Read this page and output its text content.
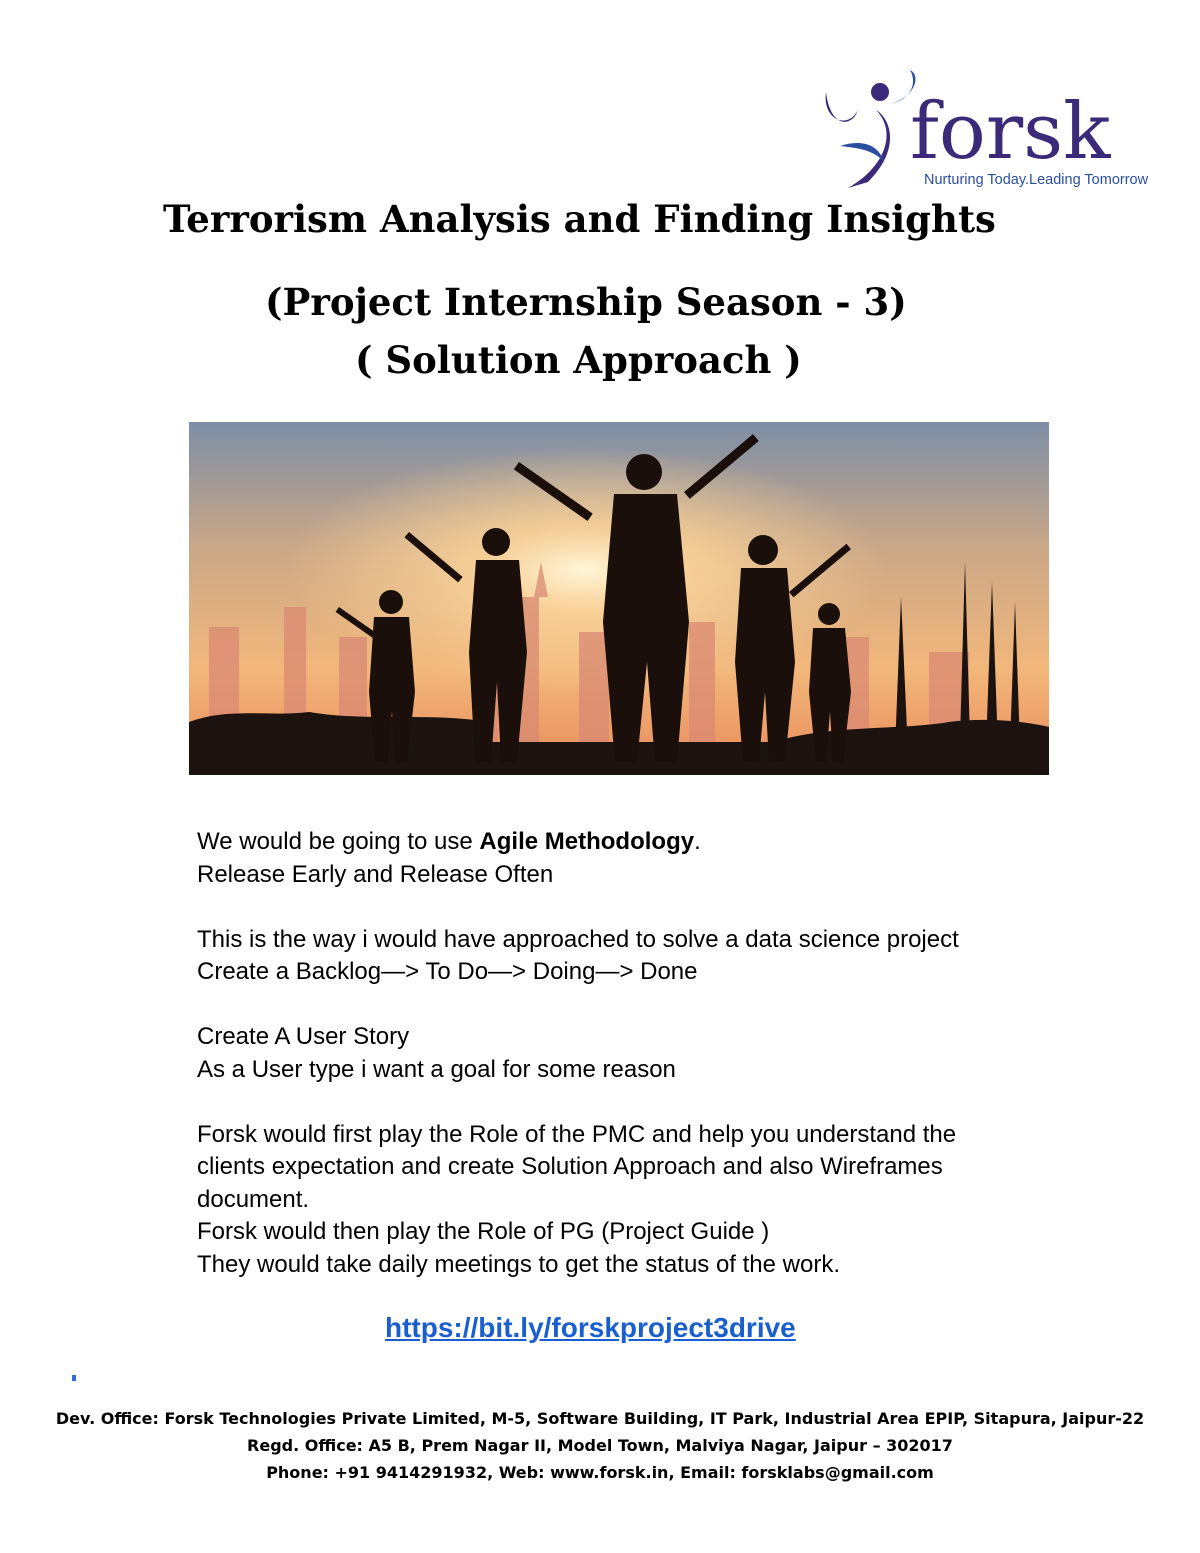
forsk
Nurturing Today.Leading Tomorrow
Terrorism Analysis and Finding Insights
(Project Internship Season - 3)
( Solution Approach )
We would be going to use Agile Methodology.
Release Early and Release Often
This is the way i would have approached to solve a data science project
Create a Backlog—> To Do—> Doing—> Done
Create A User Story
As a User type i want a goal for some reason
Forsk would first play the Role of the PMC and help you understand the
clients expectation and create Solution Approach and also Wireframes
document.
Forsk would then play the Role of PG (Project Guide )
They would take daily meetings to get the status of the work.
https://bit.ly/forskproject3drive
Dev. Office: Forsk Technologies Private Limited, M-5, Software Building, IT Park, Industrial Area EPIP, Sitapura, Jaipur-22
Regd. Office: A5 B, Prem Nagar II, Model Town, Malviya Nagar, Jaipur – 302017
Phone: +91 9414291932, Web: www.forsk.in, Email: forsklabs@gmail.com
